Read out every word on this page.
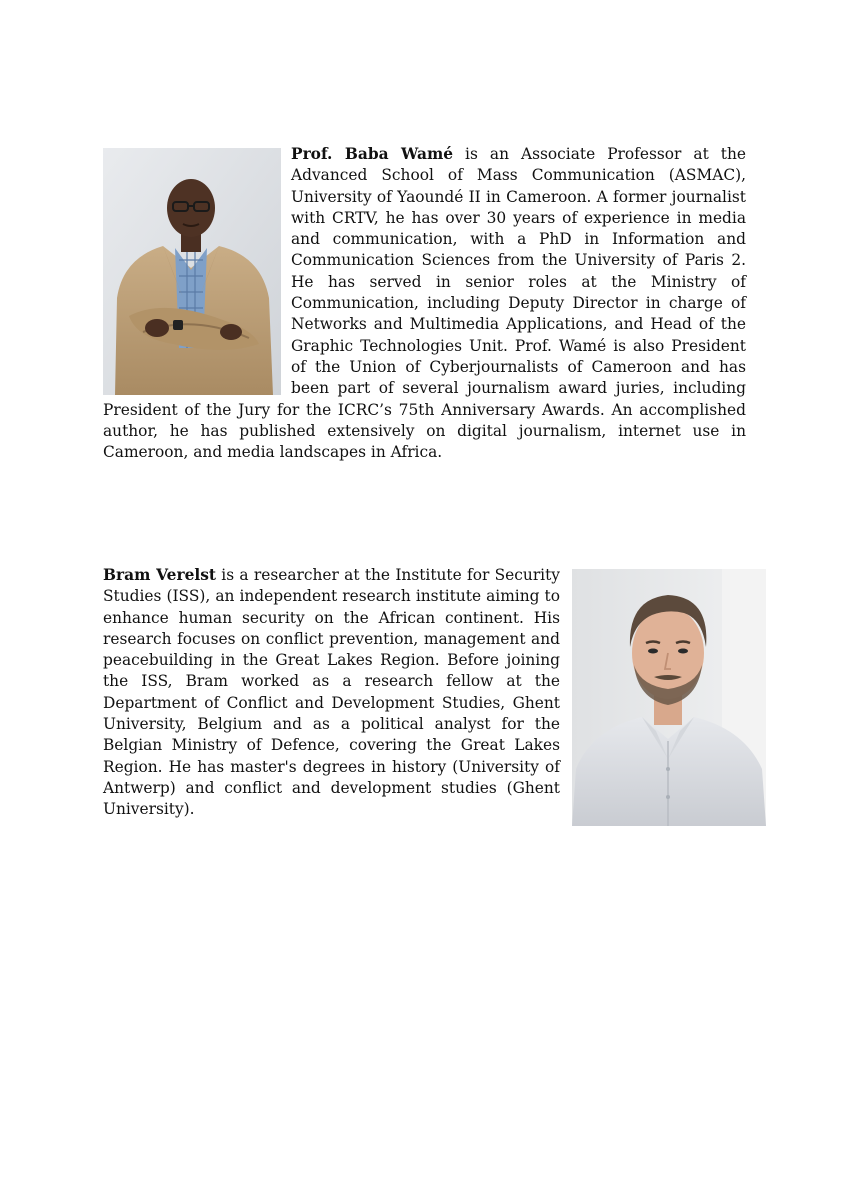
Prof. Baba Wamé is an Associate Professor at the Advanced School of Mass Communication (ASMAC), University of Yaoundé II in Cameroon. A former journalist with CRTV, he has over 30 years of experience in media and communication, with a PhD in Information and Communication Sciences from the University of Paris 2. He has served in senior roles at the Ministry of Communication, including Deputy Director in charge of Networks and Multimedia Applications, and Head of the Graphic Technologies Unit. Prof. Wamé is also President of the Union of Cyberjournalists of Cameroon and has been part of several journalism award juries, including President of the Jury for the ICRC’s 75th Anniversary Awards. An accomplished author, he has published extensively on digital journalism, internet use in Cameroon, and media landscapes in Africa.
Bram Verelst is a researcher at the Institute for Security Studies (ISS), an independent research institute aiming to enhance human security on the African continent. His research focuses on conflict prevention, management and peacebuilding in the Great Lakes Region. Before joining the ISS, Bram worked as a research fellow at the Department of Conflict and Development Studies, Ghent University, Belgium and as a political analyst for the Belgian Ministry of Defence, covering the Great Lakes Region. He has master's degrees in history (University of Antwerp) and conflict and development studies (Ghent University).
